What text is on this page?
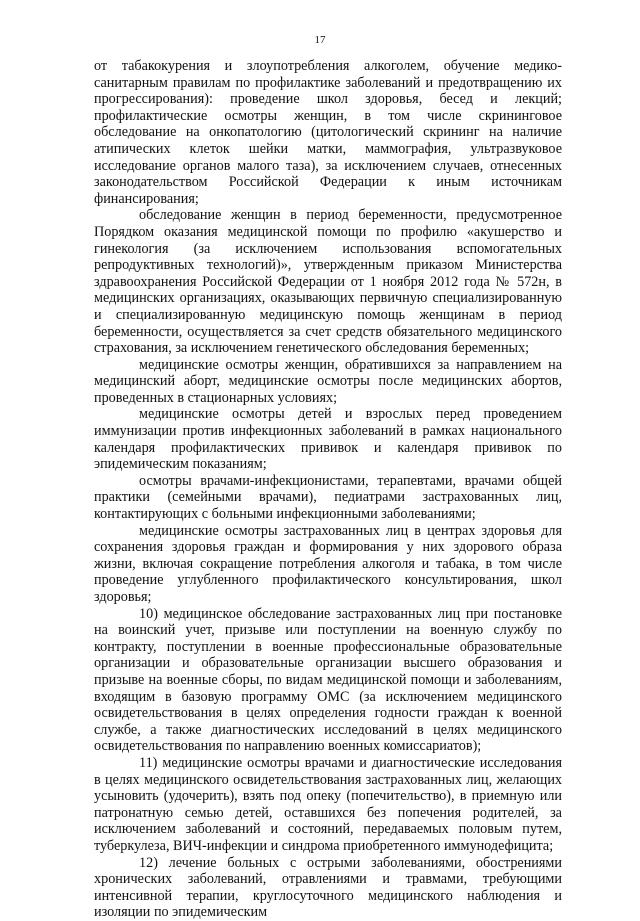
17

от табакокурения и злоупотребления алкоголем, обучение медико-санитарным правилам по профилактике заболеваний и предотвращению их прогрессирования): проведение школ здоровья, бесед и лекций; профилактические осмотры женщин, в том числе скрининговое обследование на онкопатологию (цитологический скрининг на наличие атипических клеток шейки матки, маммография, ультразвуковое исследование органов малого таза), за исключением случаев, отнесенных законодательством Российской Федерации к иным источникам финансирования;

обследование женщин в период беременности, предусмотренное Порядком оказания медицинской помощи по профилю «акушерство и гинекология (за исключением использования вспомогательных репродуктивных технологий)», утвержденным приказом Министерства здравоохранения Российской Федерации от 1 ноября 2012 года № 572н, в медицинских организациях, оказывающих первичную специализированную и специализированную медицинскую помощь женщинам в период беременности, осуществляется за счет средств обязательного медицинского страхования, за исключением генетического обследования беременных;

медицинские осмотры женщин, обратившихся за направлением на медицинский аборт, медицинские осмотры после медицинских абортов, проведенных в стационарных условиях;

медицинские осмотры детей и взрослых перед проведением иммунизации против инфекционных заболеваний в рамках национального календаря профилактических прививок и календаря прививок по эпидемическим показаниям;

осмотры врачами-инфекционистами, терапевтами, врачами общей практики (семейными врачами), педиатрами застрахованных лиц, контактирующих с больными инфекционными заболеваниями;

медицинские осмотры застрахованных лиц в центрах здоровья для сохранения здоровья граждан и формирования у них здорового образа жизни, включая сокращение потребления алкоголя и табака, в том числе проведение углубленного профилактического консультирования, школ здоровья;

10) медицинское обследование застрахованных лиц при постановке на воинский учет, призыве или поступлении на военную службу по контракту, поступлении в военные профессиональные образовательные организации и образовательные организации высшего образования и призыве на военные сборы, по видам медицинской помощи и заболеваниям, входящим в базовую программу ОМС (за исключением медицинского освидетельствования в целях определения годности граждан к военной службе, а также диагностических исследований в целях медицинского освидетельствования по направлению военных комиссариатов);

11) медицинские осмотры врачами и диагностические исследования в целях медицинского освидетельствования застрахованных лиц, желающих усыновить (удочерить), взять под опеку (попечительство), в приемную или патронатную семью детей, оставшихся без попечения родителей, за исключением заболеваний и состояний, передаваемых половым путем, туберкулеза, ВИЧ-инфекции и синдрома приобретенного иммунодефицита;

12) лечение больных с острыми заболеваниями, обострениями хронических заболеваний, отравлениями и травмами, требующими интенсивной терапии, круглосуточного медицинского наблюдения и изоляции по эпидемическим
